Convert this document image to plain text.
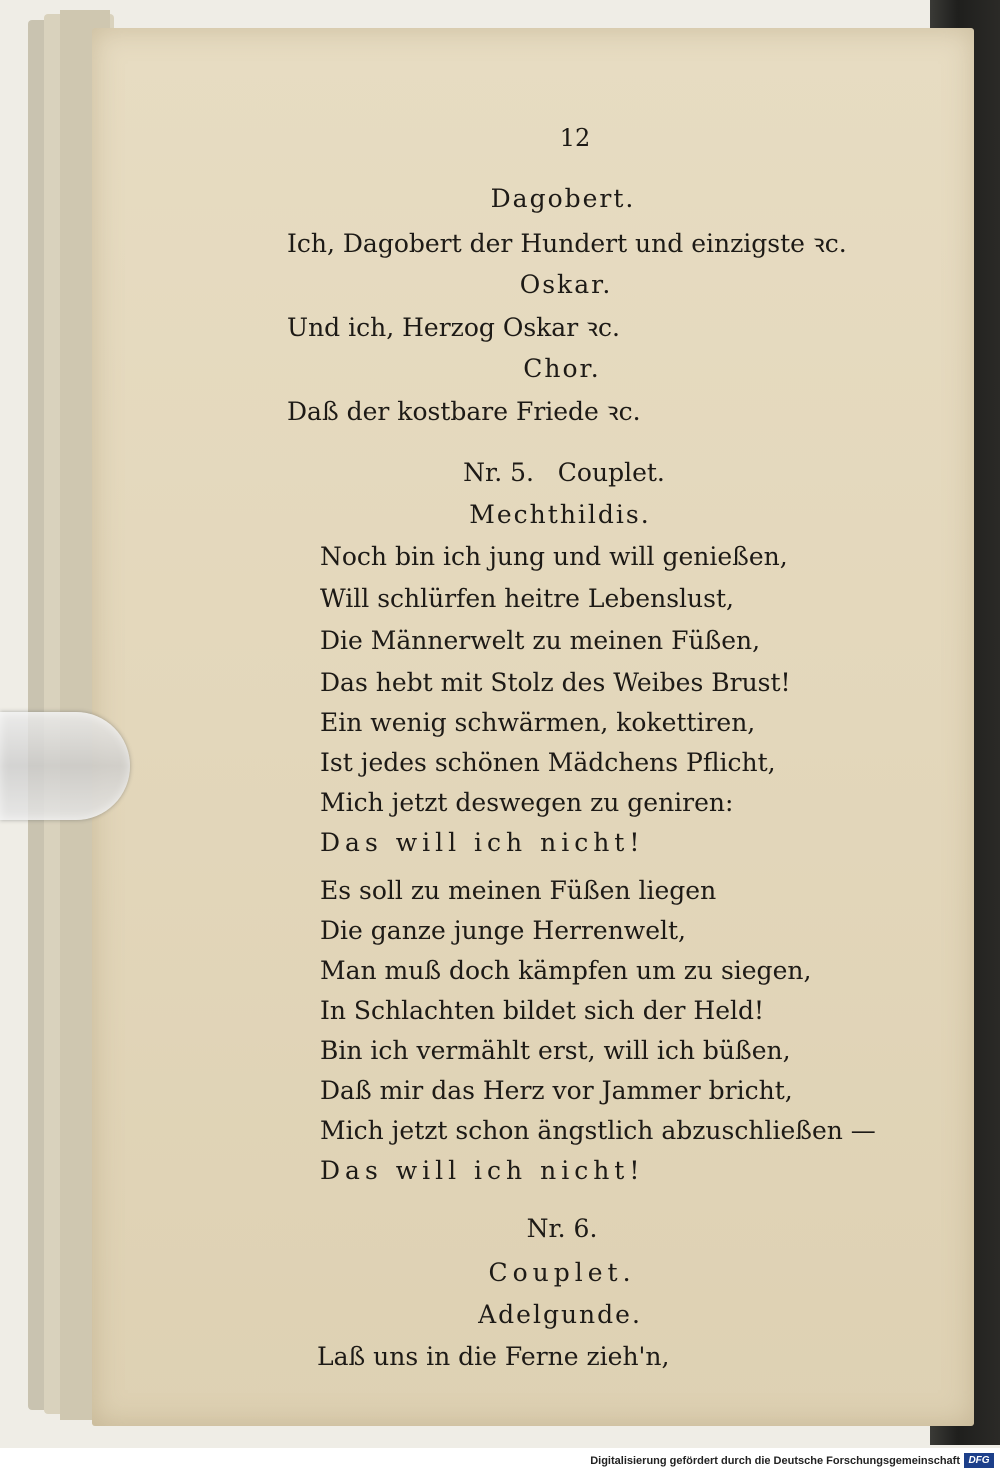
12
Dagobert.
Ich, Dagobert der Hundert und einzigste ꝛc.
Oskar.
Und ich, Herzog Oskar ꝛc.
Chor.
Daß der kostbare Friede ꝛc.
Nr. 5.   Couplet.
Mechthildis.
Noch bin ich jung und will genießen,
Will schlürfen heitre Lebenslust,
Die Männerwelt zu meinen Füßen,
Das hebt mit Stolz des Weibes Brust!
Ein wenig schwärmen, kokettiren,
Ist jedes schönen Mädchens Pflicht,
Mich jetzt deswegen zu geniren:
Das will ich nicht!
Es soll zu meinen Füßen liegen
Die ganze junge Herrenwelt,
Man muß doch kämpfen um zu siegen,
In Schlachten bildet sich der Held!
Bin ich vermählt erst, will ich büßen,
Daß mir das Herz vor Jammer bricht,
Mich jetzt schon ängstlich abzuschließen —
Das will ich nicht!
Nr. 6.
Couplet.
Adelgunde.
Laß uns in die Ferne zieh'n,
Digitalisierung gefördert durch die Deutsche Forschungsgemeinschaft DFG
